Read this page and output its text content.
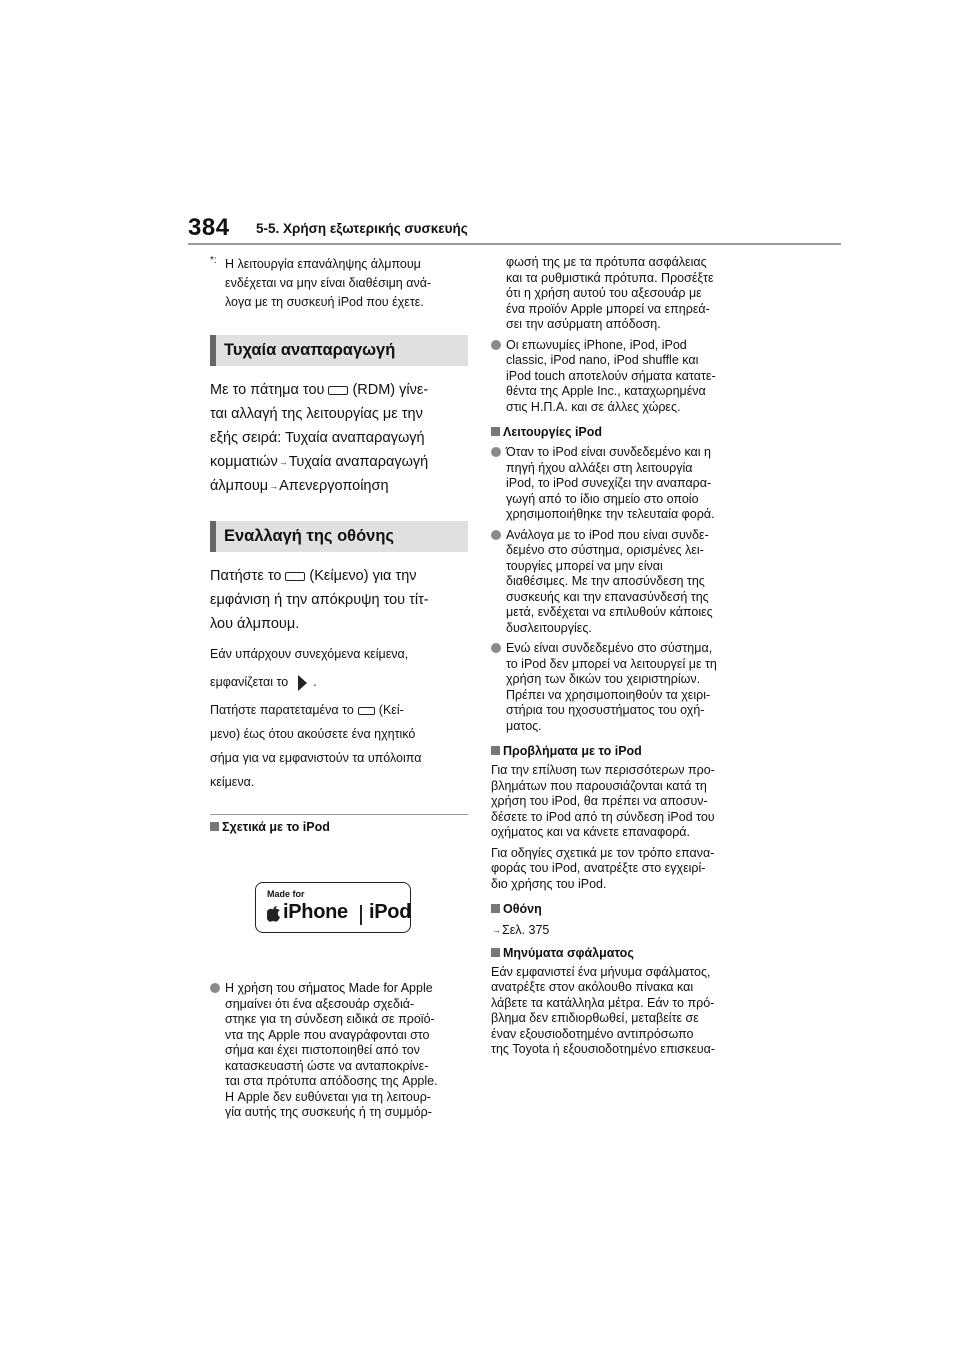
384 5-5. Χρήση εξωτερικής συσκευής
*: Η λειτουργία επανάληψης άλμπουμ
ενδέχεται να μην είναι διαθέσιμη ανά-
λογα με τη συσκευή iPod που έχετε.
Τυχαία αναπαραγωγή
Με το πάτημα του (RDM) γίνε-
ται αλλαγή της λειτουργίας με την
εξής σειρά: Τυχαία αναπαραγωγή
κομματιών→Τυχαία αναπαραγωγή
άλμπουμ→Απενεργοποίηση
Εναλλαγή της οθόνης
Πατήστε το (Κείμενο) για την
εμφάνιση ή την απόκρυψη του τίτ-
λου άλμπουμ.
Εάν υπάρχουν συνεχόμενα κείμενα,
εμφανίζεται το .
Πατήστε παρατεταμένα το (Κεί-
μενο) έως ότου ακούσετε ένα ηχητικό
σήμα για να εμφανιστούν τα υπόλοιπα
κείμενα.
Σχετικά με το iPod
Made for
iPhone iPod
Η χρήση του σήματος Made for Apple
σημαίνει ότι ένα αξεσουάρ σχεδιά-
στηκε για τη σύνδεση ειδικά σε προϊό-
ντα της Apple που αναγράφονται στο
σήμα και έχει πιστοποιηθεί από τον
κατασκευαστή ώστε να ανταποκρίνε-
ται στα πρότυπα απόδοσης της Apple.
Η Apple δεν ευθύνεται για τη λειτουρ-
γία αυτής της συσκευής ή τη συμμόρ-
φωσή της με τα πρότυπα ασφάλειας
και τα ρυθμιστικά πρότυπα. Προσέξτε
ότι η χρήση αυτού του αξεσουάρ με
ένα προϊόν Apple μπορεί να επηρεά-
σει την ασύρματη απόδοση.
Οι επωνυμίες iPhone, iPod, iPod
classic, iPod nano, iPod shuffle και
iPod touch αποτελούν σήματα κατατε-
θέντα της Apple Inc., καταχωρημένα
στις Η.Π.Α. και σε άλλες χώρες.
Λειτουργίες iPod
Όταν το iPod είναι συνδεδεμένο και η
πηγή ήχου αλλάξει στη λειτουργία
iPod, το iPod συνεχίζει την αναπαρα-
γωγή από το ίδιο σημείο στο οποίο
χρησιμοποιήθηκε την τελευταία φορά.
Ανάλογα με το iPod που είναι συνδε-
δεμένο στο σύστημα, ορισμένες λει-
τουργίες μπορεί να μην είναι
διαθέσιμες. Με την αποσύνδεση της
συσκευής και την επανασύνδεσή της
μετά, ενδέχεται να επιλυθούν κάποιες
δυσλειτουργίες.
Ενώ είναι συνδεδεμένο στο σύστημα,
το iPod δεν μπορεί να λειτουργεί με τη
χρήση των δικών του χειριστηρίων.
Πρέπει να χρησιμοποιηθούν τα χειρι-
στήρια του ηχοσυστήματος του οχή-
ματος.
Προβλήματα με το iPod
Για την επίλυση των περισσότερων προ-
βλημάτων που παρουσιάζονται κατά τη
χρήση του iPod, θα πρέπει να αποσυν-
δέσετε το iPod από τη σύνδεση iPod του
οχήματος και να κάνετε επαναφορά.
Για οδηγίες σχετικά με τον τρόπο επανα-
φοράς του iPod, ανατρέξτε στο εγχειρί-
διο χρήσης του iPod.
Οθόνη
→Σελ. 375
Μηνύματα σφάλματος
Εάν εμφανιστεί ένα μήνυμα σφάλματος,
ανατρέξτε στον ακόλουθο πίνακα και
λάβετε τα κατάλληλα μέτρα. Εάν το πρό-
βλημα δεν επιδιορθωθεί, μεταβείτε σε
έναν εξουσιοδοτημένο αντιπρόσωπο
της Toyota ή εξουσιοδοτημένο επισκευα-
